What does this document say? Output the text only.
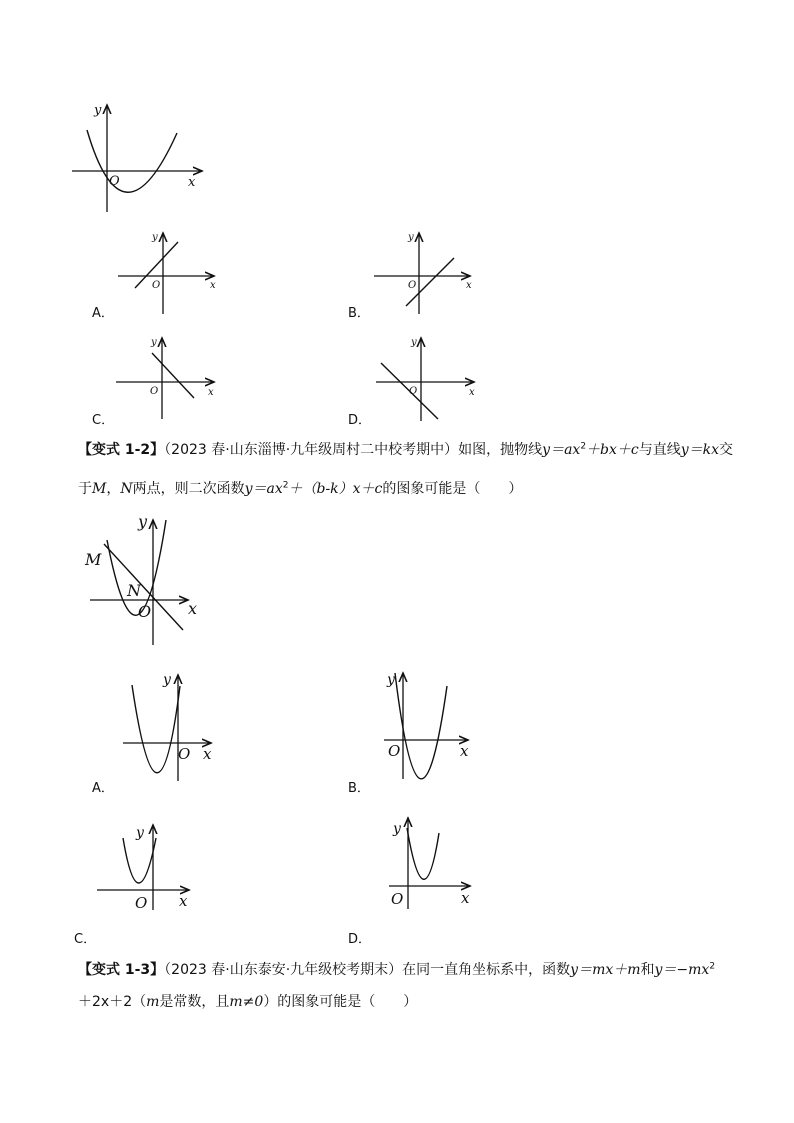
y
x
O
y
x
O
A．
y
x
O
B．
y
x
O
C．
y
x
O
D．
【变式 1-2】（2023 春·山东淄博·九年级周村二中校考期中）如图，抛物线$y=ax^2+bx+c$与直线y＝kx交
于M，N两点，则二次函数$y=ax^2+(b-k)x+c$的图象可能是（　　）
y
x
O
M
N
y
x
O
A．
y
x
O
B．
y
x
O
C．
y
x
O
D．
【变式 1-3】（2023 春·山东泰安·九年级校考期末）在同一直角坐标系中，函数y＝mx＋m和$y=-mx^2$
＋2x＋2（m是常数，且m≠0）的图象可能是（　　）
